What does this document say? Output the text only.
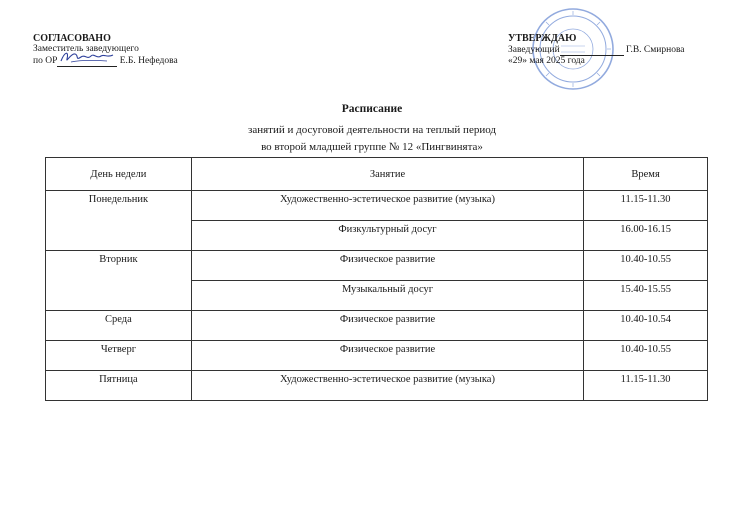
СОГЛАСОВАНО
Заместитель заведующего
по ОР	Е.Б. Нефедова
УТВЕРЖДАЮ
Заведующий	Г.В. Смирнова
«29» мая 2025 года
Расписание
занятий и досуговой деятельности на теплый период
во второй младшей группе № 12 «Пингвинята»
День недели	Занятие	Время
Понедельник	Художественно-эстетическое развитие (музыка)	11.15-11.30
	Физкультурный досуг	16.00-16.15
Вторник	Физическое развитие	10.40-10.55
	Музыкальный досуг	15.40-15.55
Среда	Физическое развитие	10.40-10.54
Четверг	Физическое развитие	10.40-10.55
Пятница	Художественно-эстетическое развитие (музыка)	11.15-11.30
